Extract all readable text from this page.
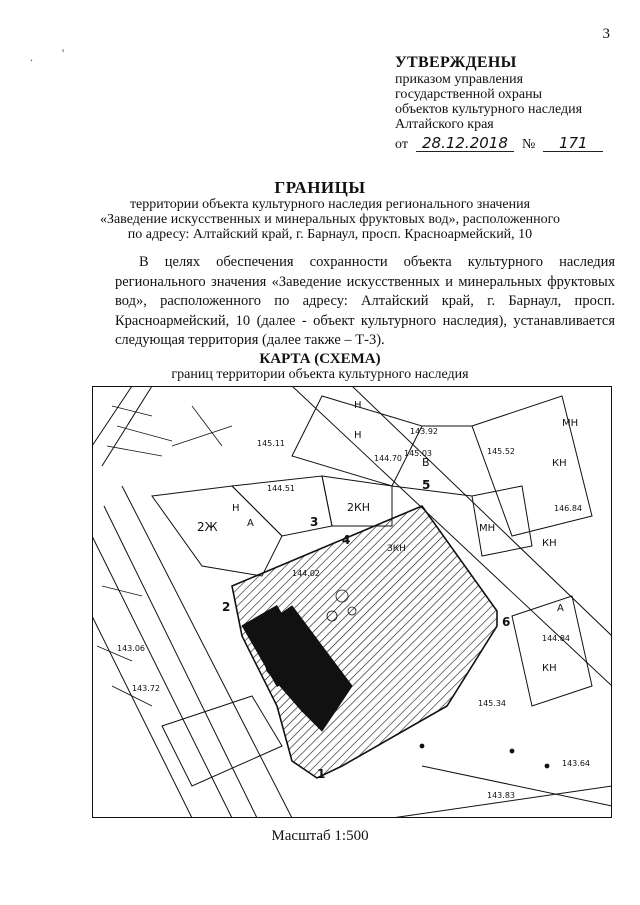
3
. '
УТВЕРЖДЕНЫ
приказом управления
государственной охраны
объектов культурного наследия
Алтайского края
от 28.12.2018	№	171
ГРАНИЦЫ
территории объекта культурного наследия регионального значения
«Заведение искусственных и минеральных фруктовых вод», расположенного
по адресу: Алтайский край, г. Барнаул, просп. Красноармейский, 10
В целях обеспечения сохранности объекта культурного наследия регионального значения «Заведение искусственных и минеральных фруктовых вод», расположенного по адресу: Алтайский край, г. Барнаул, просп. Красноармейский, 10 (далее - объект культурного наследия), устанавливается следующая территория (далее также – Т-3).
КАРТА (СХЕМА)
границ территории объекта культурного наследия
Н
Н
2Ж
Н
А
2КН
МН
КН
КН
МН
КН
ЗКН
В
А
3
4
5
6
1
2
144.70
145.03	145.52
143.92
146.84
144.84
145.34
143.64
143.83
143.72
143.06
144.02
144.51
145.11
Масштаб 1:500
